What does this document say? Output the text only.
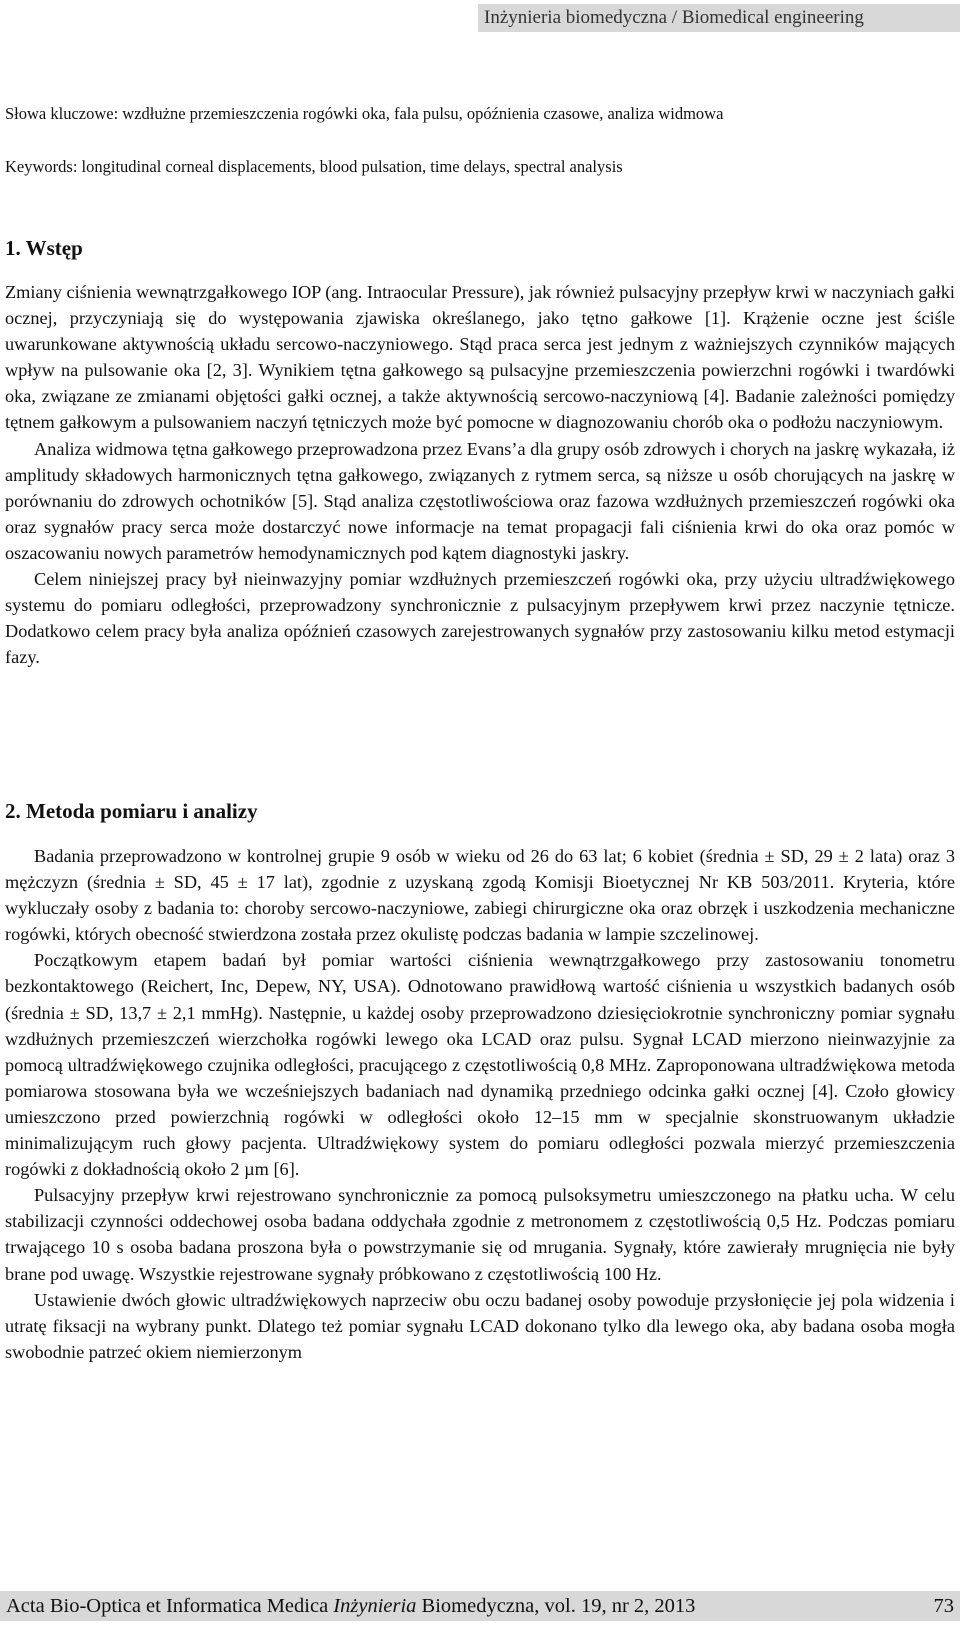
Inżynieria biomedyczna / Biomedical engineering
Słowa kluczowe: wzdłużne przemieszczenia rogówki oka, fala pulsu, opóźnienia czasowe, analiza widmowa
Keywords: longitudinal corneal displacements, blood pulsation, time delays, spectral analysis
1. Wstęp

Zmiany ciśnienia wewnątrzgałkowego IOP (ang. Intraocular Pressure), jak również pulsacyjny przepływ krwi w naczyniach gałki ocznej, przyczyniają się do występowania zjawiska określanego, jako tętno gałkowe [1]. Krążenie oczne jest ściśle uwarunkowane aktywnością układu sercowo-naczyniowego. Stąd praca serca jest jednym z ważniejszych czynników mających wpływ na pulsowanie oka [2, 3]. Wynikiem tętna gałkowego są pulsacyjne przemieszczenia powierzchni rogówki i twardówki oka, związane ze zmianami objętości gałki ocznej, a także aktywnością sercowo-naczyniową [4]. Badanie zależności pomiędzy tętnem gałkowym a pulsowaniem naczyń tętniczych może być pomocne w diagnozowaniu chorób oka o podłożu naczyniowym.

Analiza widmowa tętna gałkowego przeprowadzona przez Evans’a dla grupy osób zdrowych i chorych na jaskrę wykazała, iż amplitudy składowych harmonicznych tętna gałkowego, związanych z rytmem serca, są niższe u osób chorujących na jaskrę w porównaniu do zdrowych ochotników [5]. Stąd analiza częstotliwościowa oraz fazowa wzdłużnych przemieszczeń rogówki oka oraz sygnałów pracy serca może dostarczyć nowe informacje na temat propagacji fali ciśnienia krwi do oka oraz pomóc w oszacowaniu nowych parametrów hemodynamicznych pod kątem diagnostyki jaskry.

Celem niniejszej pracy był nieinwazyjny pomiar wzdłużnych przemieszczeń rogówki oka, przy użyciu ultradźwiękowego systemu do pomiaru odległości, przeprowadzony synchronicznie z pulsacyjnym przepływem krwi przez naczynie tętnicze. Dodatkowo celem pracy była analiza opóźnień czasowych zarejestrowanych sygnałów przy zastosowaniu kilku metod estymacji fazy.

2. Metoda pomiaru i analizy

Badania przeprowadzono w kontrolnej grupie 9 osób w wieku od 26 do 63 lat; 6 kobiet (średnia ± SD, 29 ± 2 lata) oraz 3 mężczyzn (średnia ± SD, 45 ± 17 lat), zgodnie z uzyskaną zgodą Komisji Bioetycznej Nr KB 503/2011. Kryteria, które wykluczały osoby z badania to: choroby sercowo-naczyniowe, zabiegi chirurgiczne oka oraz obrzęk i uszkodzenia mechaniczne rogówki, których obecność stwierdzona została przez okulistę podczas badania w lampie szczelinowej.

Początkowym etapem badań był pomiar wartości ciśnienia wewnątrzgałkowego przy zastosowaniu tonometru bezkontaktowego (Reichert, Inc, Depew, NY, USA). Odnotowano prawidłową wartość ciśnienia u wszystkich badanych osób (średnia ± SD, 13,7 ± 2,1 mmHg). Następnie, u każdej osoby przeprowadzono dziesięciokrotnie synchroniczny pomiar sygnału wzdłużnych przemieszczeń wierzchołka rogówki lewego oka LCAD oraz pulsu. Sygnał LCAD mierzono nieinwazyjnie za pomocą ultradźwiękowego czujnika odległości, pracującego z częstotliwością 0,8 MHz. Zaproponowana ultradźwiękowa metoda pomiarowa stosowana była we wcześniejszych badaniach nad dynamiką przedniego odcinka gałki ocznej [4]. Czoło głowicy umieszczono przed powierzchnią rogówki w odległości około 12–15 mm w specjalnie skonstruowanym układzie minimalizującym ruch głowy pacjenta. Ultradźwiękowy system do pomiaru odległości pozwala mierzyć przemieszczenia rogówki z dokładnością około 2 µm [6].

Pulsacyjny przepływ krwi rejestrowano synchronicznie za pomocą pulsoksymetru umieszczonego na płatku ucha. W celu stabilizacji czynności oddechowej osoba badana oddychała zgodnie z metronomem z częstotliwością 0,5 Hz. Podczas pomiaru trwającego 10 s osoba badana proszona była o powstrzymanie się od mrugania. Sygnały, które zawierały mrugnięcia nie były brane pod uwagę. Wszystkie rejestrowane sygnały próbkowano z częstotliwością 100 Hz.

Ustawienie dwóch głowic ultradźwiękowych naprzeciw obu oczu badanej osoby powoduje przysłonięcie jej pola widzenia i utratę fiksacji na wybrany punkt. Dlatego też pomiar sygnału LCAD dokonano tylko dla lewego oka, aby badana osoba mogła swobodnie patrzeć okiem niemierzonym

Acta Bio-Optica et Informatica Medica Inżynieria Biomedyczna, vol. 19, nr 2, 2013	73
